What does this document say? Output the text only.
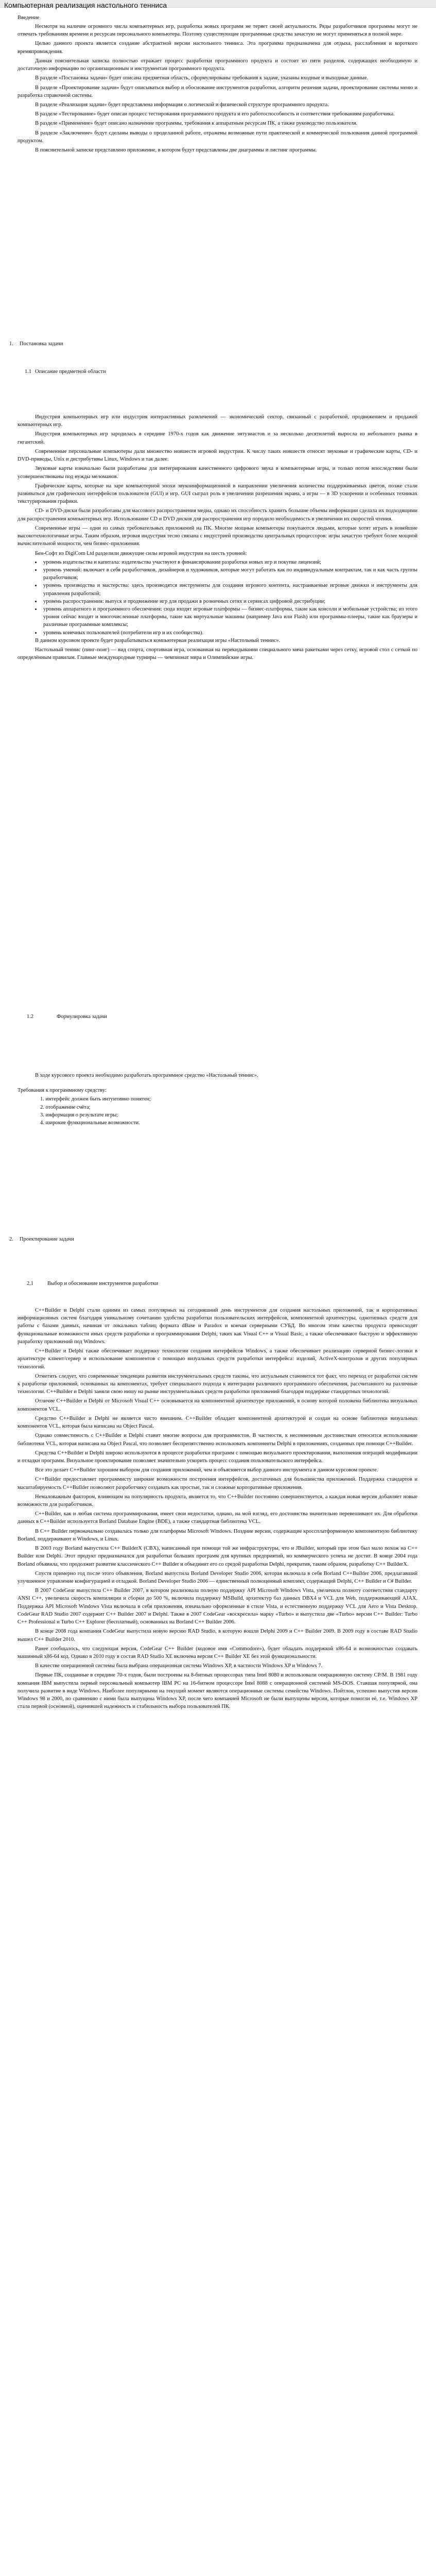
Компьютерная реализация настольного тенниса

Введение

Несмотря на наличие огромного числа компьютерных игр, разработка новых программ не теряет своей актуальности. Ряды разработчиков программы могут не отвечать требованиям времени и ресурсам персонального компьютера. Поэтому существующие программные средства зачастую не могут применяться в полной мере.

Целью данного проекта является создание абстрактной версии настольного тенниса. Эта программа предназначена для отдыха, расслабления и короткого времяпровождения.

Данная пояснительная записка полностью отражает процесс разработки программного продукта и состоит из пяти разделов, содержащих необходимую и достаточную информацию по организационным и инструментам программного продукта.

В разделе «Постановка задачи» будет описана предметная область, сформулированы требования к задаче, указаны входные и выходные данные.

В разделе «Проектирование задачи» будут описываться выбор и обоснование инструментов разработки, алгоритм решения задачи, проектирование системы меню и разработка справочной системы.

В разделе «Реализация задачи» будет представлена информация о логической и физической структуре программного продукта.

В разделе «Тестирование» будет описан процесс тестирования программного продукта и его работоспособность и соответствия требованиям разработчика.

В разделе «Применение» будет описано назначение программы, требования к аппаратным ресурсам ПК, а также руководство пользователя.

В разделе «Заключение» будут сделаны выводы о проделанной работе, отражены возможные пути практической и коммерческой пользования данной программой продуктом.

В пояснительной записке представлено приложение, в котором будут представлены две диаграммы и листинг программы.

1. Постановка задачи
1.1 Описание предметной области

Индустрия компьютерных игр или индустрия интерактивных развлечений — экономический сектор, связанный с разработкой, продвижением и продажей компьютерных игр.

Индустрия компьютерных игр зародилась в середине 1970-х годов как движение энтузиастов и за несколько десятилетий выросла из небольшого рынка в гигантский.

Современные персональные компьютеры дали множество новшеств игровой индустрии. К числу таких новшеств относят звуковые и графические карты, CD- и DVD-приводы, Unix и дистрибутивы Linux, Windows и так далее.

Звуковые карты изначально были разработаны для интегрирования качественного цифрового звука в компьютерные игры, и только потом впоследствии были усовершенствованы под нужды меломанов.

Графические карты, которые на заре компьютерной эпохи звукоинформационной в направлении увеличения количества поддерживаемых цветов, позже стали развиваться для графических интерфейсов пользователя (GUI) и игр. GUI сыграл роль в увеличении разрешения экрана, а игры — в 3D ускорении и особенных техниках текстурирования графики.

CD- и DVD-диски были разработаны для массового распространения медиа, однако их способность хранить большие объемы информации сделала их подходящими для распространения компьютерных игр. Использование CD и DVD дисков для распространения игр породило необходимость в увеличении их скоростей чтения.

Современные игры — одни из самых требовательных приложений на ПК. Многие мощные компьютеры покупаются людьми, которые хотят играть в новейшие высокотехнологичные игры. Таким образом, игровая индустрия тесно связана с индустрией производства центральных процессоров: игры зачастую требуют более мощной вычислительной мощности, чем бизнес-приложения.

Бен-Софт из DigiCom Ltd разделили движущие силы игровой индустрии на шесть уровней:

• уровень издательства и капитала: издательства участвуют в финансировании разработки новых игр и покупке лицензий;
• уровень умений: включает в себя разработчиков, дизайнеров и художников, которые могут работать как по индивидуальным контрактам, так и как часть группы разработчиков;
• уровень производства и мастерства: здесь производятся инструменты для создания игрового контента, настраиваемые игровые движки и инструменты для управления разработкой;
• уровень распространения: выпуск и продвижение игр для продажи в розничных сетях и сервисах цифровой дистрибуции;
• уровень аппаратного и программного обеспечения: сюда входят игровые платформы — бизнес-платформы, такие как консоли и мобильные устройства; из этого уровня сейчас входят и многочисленные платформы, такие как виртуальные машины (например Java или Flash) или программы-плееры, такие как браузеры и различные программные комплексы;
• уровень конечных пользователей (потребители игр и их сообщества).

В данном курсовом проекте будет разрабатываться компьютерная реализация игры «Настольный теннис».

Настольный теннис (пинг-понг) — вид спорта, спортивная игра, основанная на перекидывании специального мяча ракетками через сетку, игровой стол с сеткой по определённым правилам. Главные международные турниры — чемпионат мира и Олимпийские игры.

1.2	Формулировка задачи

В ходе курсового проекта необходимо разработать программное средство «Настольный теннис».

Требования к программному средству:

1. интерфейс должен быть интуитивно понятен;
2. отображение счёта;
3. информация о результате игры;
4. широкие функциональные возможности.
2. Проектирование задачи
2.1	Выбор и обоснование инструментов разработки

C++Builder и Delphi стали одними из самых популярных на сегодняшний день инструментов для создания настольных приложений, так и корпоративных информационных систем благодаря уникальному сочетанию удобства разработки пользовательских интерфейсов, компонентной архитектуры, однотипных средств для работы с базами данных, начиная от локальных таблиц формата dBase и Paradox и кончая серверными СУБД. Во многом этим качества продукта превосходят функциональные возможности иных средств разработки и программирования Delphi, таких как Visual C++ и Visual Basic, а также обеспечивают быструю и эффективную разработку приложений под Windows.

C++Builder и Delphi также обеспечивает поддержку технологии создания интерфейсов Windows, а также обеспечивает реализацию серверной бизнес-логики в архитектуре клиент/сервер и использование компонентов с помощью визуальных средств разработки интерфейса: изделий, ActiveX-контролов и других популярных технологий.

Отметить следует, что современные тенденции развития инструментальных средств таковы, что актуальным становится тот факт, что переход от разработки систем к разработке приложений, основанных на компонентах, требует специального подхода к интеграции различного программного обеспечения, рассчитанного на различные технологии. C++Builder и Delphi заняли свою нишу на рынке инструментальных средств разработки приложений благодаря поддержке стандартных технологий.

Отличие C++Builder и Delphi от Microsoft Visual C++ основывается на компонентной архитектуре приложений, в основу которой положена библиотека визуальных компонентов VCL.

Средство C++Builder и Delphi не является чисто внешним. C++Builder обладает компонентной архитектурой и создан на основе библиотеки визуальных компонентов VCL, которая была написана на Object Pascal.

Однако совместимость с C++Builder и Delphi ставит многие вопросы для программистов. В частности, к несомненным достоинствам относится использование библиотеки VCL, которая написана на Object Pascal, что позволяет беспрепятственно использовать компоненты Delphi в приложениях, созданных при помощи C++Builder.

Средства C++Builder и Delphi широко используются в процессе разработки программ с помощью визуального проектирования, выполнения операций модификации и отладки программ. Визуальное проектирование позволяет значительно ускорить процесс создания пользовательского интерфейса.

Все это делает C++Builder хорошим выбором для создания приложений, чем и объясняется выбор данного инструмента в данном курсовом проекте.

C++Builder предоставляет программисту широкие возможности построения интерфейсов, достаточных для большинства приложений. Поддержка стандартов и масштабируемость C++Builder позволяют разработчику создавать как простые, так и сложные корпоративные приложения.

Немаловажным фактором, влияющим на популярность продукта, является то, что C++Builder постоянно совершенствуется, а каждая новая версия добавляет новые возможности для разработчиков.

C++Builder, как и любая система программирования, имеет свои недостатки, однако, на мой взгляд, его достоинства значительно перевешивают их. Для обработки данных в C++Builder используется Borland Database Engine (BDE), а также стандартная библиотека VCL.

В C++ Builder первоначально создавалась только для платформы Microsoft Windows. Поздние версии, содержащие кроссплатформенную компонентную библиотеку Borland, поддерживают и Windows, и Linux.

В 2003 году Borland выпустила C++ BuilderX (CBX), написанный при помощи той же инфраструктуры, что и JBuilder, который при этом был мало похож на C++ Builder или Delphi. Этот продукт предназначался для разработки больших программ для крупных предприятий, но коммерческого успеха не достиг. В конце 2004 года Borland объявила, что продолжит развитие классического C++ Builder и объединит его со средой разработки Delphi, прекратив, таким образом, разработку C++ BuilderX.

Спустя примерно год после этого объявления, Borland выпустила Borland Developer Studio 2006, которая включала в себя Borland C++Builder 2006, предлагавший улучшенное управление конфигурацией и отладкой. Borland Developer Studio 2006 — единственный полноценный комплект, содержащий Delphi, C++ Builder и C# Builder.

В 2007 CodeGear выпустила C++ Builder 2007, в котором реализовала полную поддержку API Microsoft Windows Vista, увеличила полноту соответствия стандарту ANSI C++, увеличила скорость компиляции и сборки до 500 %, включила поддержку MSBuild, архитектур баз данных DBX4 и VCL для Web, поддерживающий AJAX. Поддержка API Microsoft Windows Vista включала в себя приложения, изначально оформленные в стиле Vista, и естественную поддержку VCL для Aero и Vista Desktop. CodeGear RAD Studio 2007 содержит C++ Builder 2007 и Delphi. Также в 2007 CodeGear «воскресила» марку «Turbo» и выпустила две «Turbo» версии C++ Builder: Turbo C++ Professional и Turbo C++ Explorer (бесплатный), основанных на Borland C++ Builder 2006.

В конце 2008 года компания CodeGear выпустила новую версию RAD Studio, в которую вошли Delphi 2009 и C++ Builder 2009. В 2009 году в составе RAD Studio вышел C++ Builder 2010.

Ранее сообщалось, что следующая версия, CodeGear C++ Builder (кодовое имя «Commodore»), будет обладать поддержкой x86-64 и возможностью создавать машинный x86-64 код. Однако в 2010 году в состав RAD Studio XE включена версия C++ Builder XE без этой функциональности.

В качестве операционной системы была выбрана операционная система Windows XP, в частности Windows XP и Windows 7.

Первые ПК, созданные в середине 70-х годов, были построены на 8-битных процессорах типа Intel 8080 и использовали операционную систему CP/M. В 1981 году компания IBM выпустила первый персональный компьютер IBM PC на 16-битном процессоре Intel 8088 с операционной системой MS-DOS. Ставшая популярной, она получила развитие в виде Windows. Наиболее популярными на текущий момент являются операционные системы семейства Windows. Пойтлон, успешно выпустив версии Windows 98 и 2000, по сравнению с ними была выпущена Windows XP, после чего компанией Microsoft не были выпущены версии, которые помогли её, т.е. Windows XP стала первой (основной), оценившей надежность и стабильность выбора пользователей ПК.
